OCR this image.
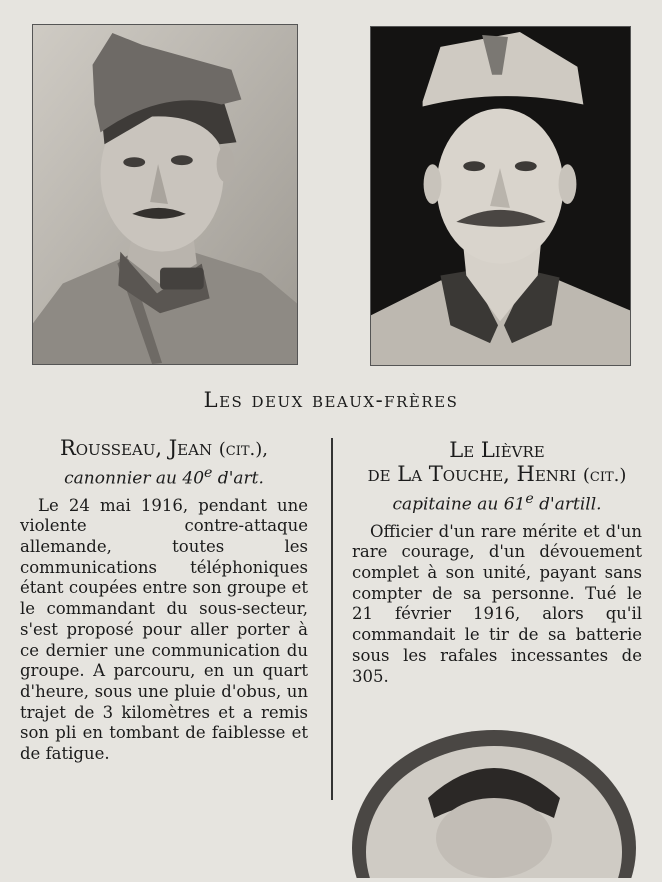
Les deux beaux-frères
Rousseau, Jean (cit.),
canonnier au 40e d'art.

Le 24 mai 1916, pendant une violente contre-attaque allemande, toutes les communications téléphoniques étant coupées entre son groupe et le commandant du sous-secteur, s'est proposé pour aller porter à ce dernier une communication du groupe. A parcouru, en un quart d'heure, sous une pluie d'obus, un trajet de 3 kilomètres et a remis son pli en tombant de faiblesse et de fatigue.

Le Lièvre
de La Touche, Henri (cit.)
capitaine au 61e d'artill.

Officier d'un rare mérite et d'un rare courage, d'un dévouement complet à son unité, payant sans compter de sa personne. Tué le 21 février 1916, alors qu'il commandait le tir de sa batterie sous les rafales incessantes de 305.
